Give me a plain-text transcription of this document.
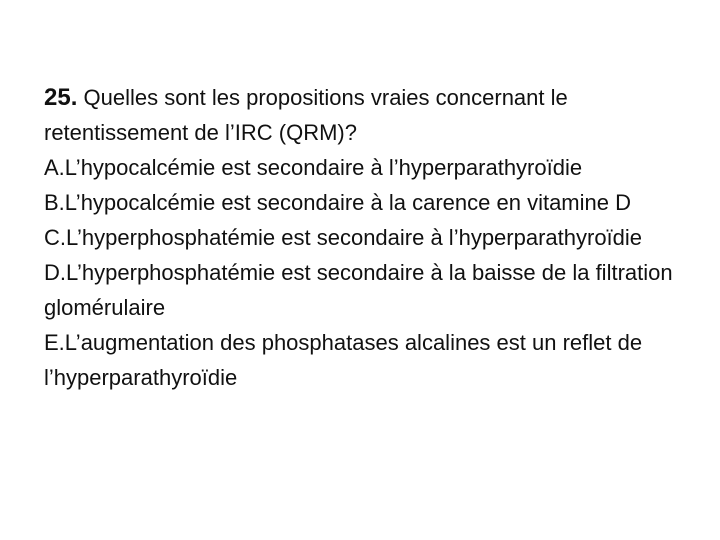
25. Quelles sont les propositions vraies concernant le retentissement de l’IRC (QRM)?

A.L’hypocalcémie est secondaire à l’hyperparathyroïdie

B.L’hypocalcémie est secondaire à la carence en vitamine D

C.L’hyperphosphatémie est secondaire à l’hyperparathyroïdie

D.L’hyperphosphatémie est secondaire à la baisse de la filtration glomérulaire

E.L’augmentation des phosphatases alcalines est un reflet de l’hyperparathyroïdie
